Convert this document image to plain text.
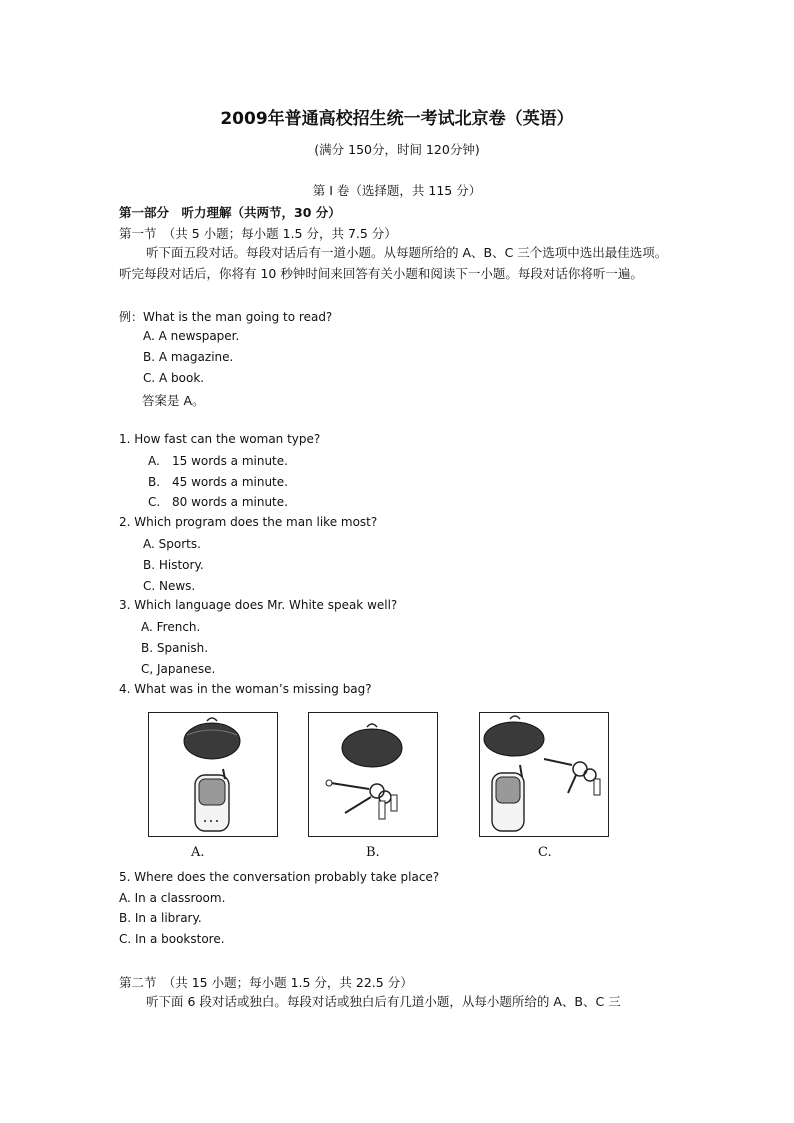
2009年普通高校招生统一考试北京卷（英语）
(满分 150分，时间 120分钟)
第 I 卷（选择题，共 115 分）
第一部分　听力理解（共两节，30 分）
第一节　（共 5 小题；每小题 1.5 分，共 7.5 分）
听下面五段对话。每段对话后有一道小题。从每题所给的 A、B、C 三个选项中选出最佳选项。听完每段对话后，你将有 10 秒钟时间来回答有关小题和阅读下一小题。每段对话你将听一遍。
例：What is the man going to read?
A. A newspaper.
B. A magazine.
C. A book.
答案是 A。
1. How fast can the woman type?
A. 15 words a minute.
B. 45 words a minute.
C. 80 words a minute.
2. Which program does the man like most?
A. Sports.
B. History.
C. News.
3. Which language does Mr. White speak well?
A. French.
B. Spanish.
C, Japanese.
4. What was in the woman’s missing bag?
A.	B.	C.
5. Where does the conversation probably take place?
A. In a classroom.
B. In a library.
C. In a bookstore.
第二节　（共 15 小题；每小题 1.5 分，共 22.5 分）
听下面 6 段对话或独白。每段对话或独白后有几道小题，从每小题所给的 A、B、C 三
